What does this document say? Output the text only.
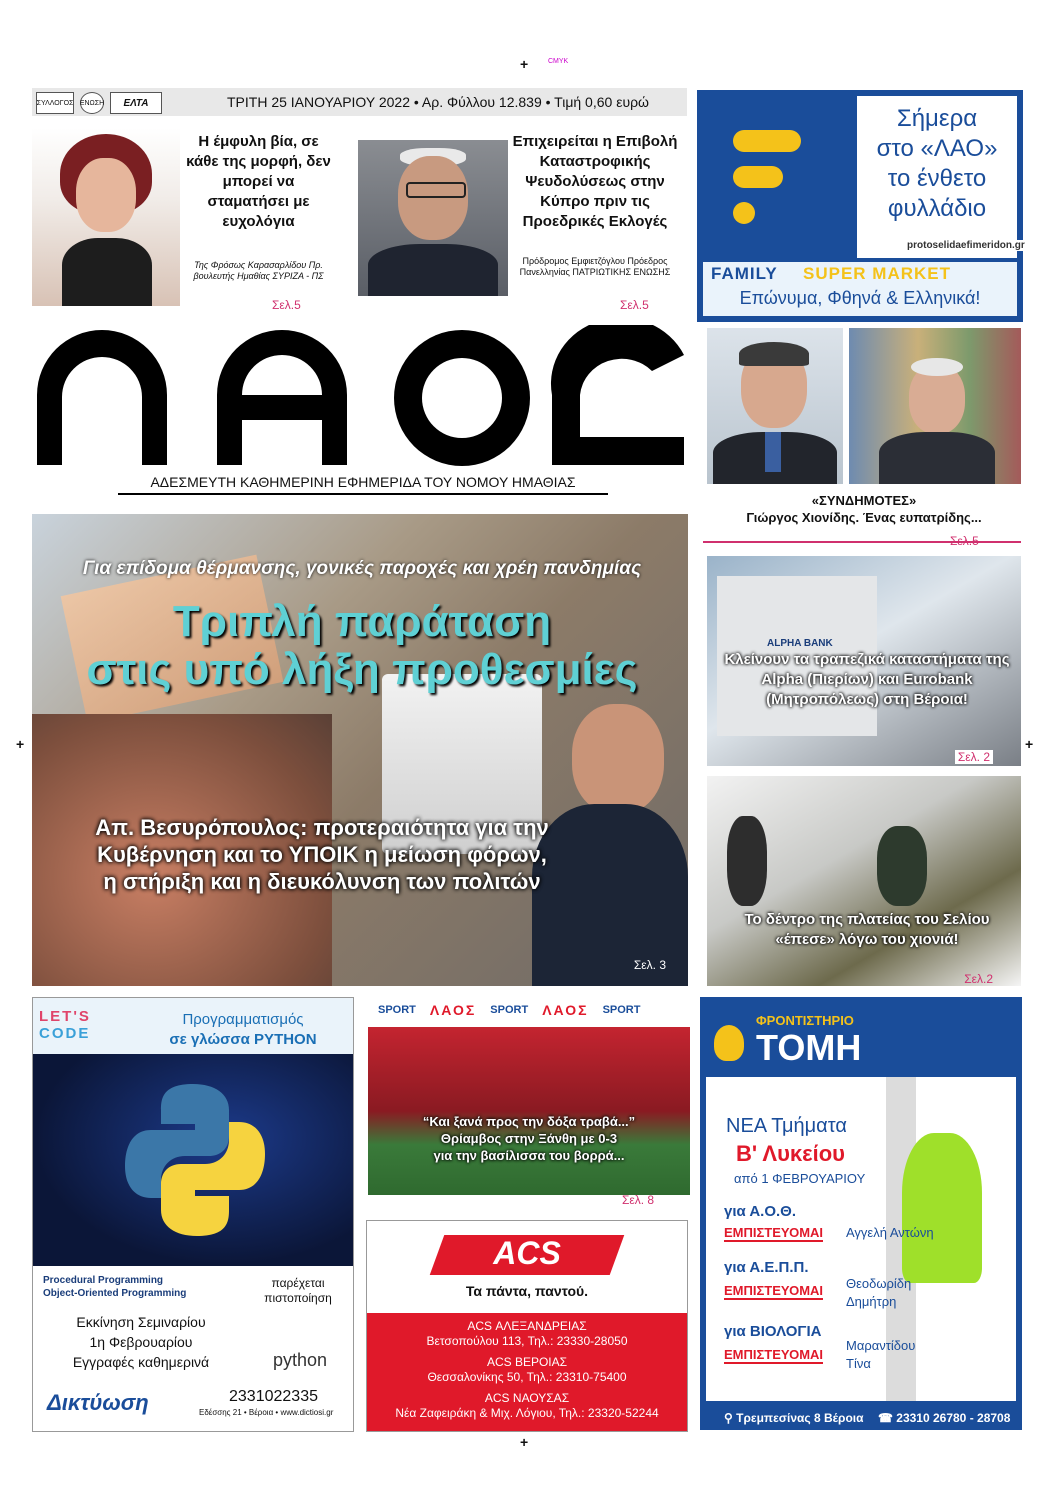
+	CMYK
+	+
+
ΣΥΛΛΟΓΟΣ ΕΝΩΣΗ	ΕΛΤΑ	ΤΡΙΤΗ 25 ΙΑΝΟΥΑΡΙΟΥ 2022 • Αρ. Φύλλου 12.839 • Τιμή 0,60 ευρώ
Η έμφυλη βία, σε κάθε της μορφή, δεν μπορεί να σταματήσει με ευχολόγια
Της Φρόσως Καρασαρλίδου Πρ. βουλευτής Ημαθίας ΣΥΡΙΖΑ - ΠΣ
Σελ.5
Επιχειρείται η Επιβολή Καταστροφικής Ψευδολύσεως στην Κύπρο πριν τις Προεδρικές Εκλογές
Πρόδρομος Εμφιετζόγλου Πρόεδρος Πανελληνίας ΠΑΤΡΙΩΤΙΚΗΣ ΕΝΩΣΗΣ
Σελ.5
ΑΔΕΣΜΕΥΤΗ ΚΑΘΗΜΕΡΙΝΗ ΕΦΗΜΕΡΙΔΑ ΤΟΥ ΝΟΜΟΥ ΗΜΑΘΙΑΣ
Σήμερα
στο «ΛΑΟ»
το ένθετο
φυλλάδιο
protoselidaefimeridon.gr
FAMILY SUPER MARKET
Επώνυμα, Φθηνά & Ελληνικά!
«ΣΥΝΔΗΜΟΤΕΣ»
Γιώργος Χιονίδης. Ένας ευπατρίδης...
Για επίδομα θέρμανσης, γονικές παροχές και χρέη πανδημίας
Τριπλή παράταση
στις υπό λήξη προθεσμίες
Απ. Βεσυρόπουλος: προτεραιότητα για την Κυβέρνηση και το ΥΠΟΙΚ η μείωση φόρων, η στήριξη και η διευκόλυνση των πολιτών
Σελ. 3
ALPHA BANK
Κλείνουν τα τραπεζικά καταστήματα της Alpha (Πιερίων) και Eurobank (Μητροπόλεως) στη Βέροια!
Σελ. 2
Το δέντρο της πλατείας του Σελίου «έπεσε» λόγω του χιονιά!
Σελ.2
LET'S
CODE
Προγραμματισμός
σε γλώσσα PYTHON
Procedural Programming
Object-Oriented Programming
παρέχεται
πιστοποίηση
Εκκίνηση Σεμιναρίου
1η Φεβρουαρίου
Εγγραφές καθημερινά	python
Δικτύωση	2331022335
Εδέσσης 21 • Βέροια • www.dictiosi.gr
SPORT ΛΑΟΣ SPORT ΛΑΟΣ SPORT
“Και ξανά προς την δόξα τραβά...”
Θρίαμβος στην Ξάνθη με 0-3
για την βασίλισσα του βορρά...
Σελ. 8
ACS
Τα πάντα, παντού.
ACS ΑΛΕΞΑΝΔΡΕΙΑΣ
Βετσοπούλου 113, Τηλ.: 23330-28050
ACS ΒΕΡΟΙΑΣ
Θεσσαλονίκης 50, Τηλ.: 23310-75400
ACS ΝΑΟΥΣΑΣ
Νέα Ζαφειράκη & Μιχ. Λόγιου, Τηλ.: 23320-52244
ΦΡΟΝΤΙΣΤΗΡΙΟ
ΤΟΜΗ
ΝΕΑ Τμήματα
Β' Λυκείου
από 1 ΦΕΒΡΟΥΑΡΙΟΥ
για Α.Ο.Θ.
ΕΜΠΙΣΤΕΥΟΜΑΙ Αγγελή Αντώνη
για Α.Ε.Π.Π.
ΕΜΠΙΣΤΕΥΟΜΑΙ Θεοδωρίδη Δημήτρη
για ΒΙΟΛΟΓΙΑ
ΕΜΠΙΣΤΕΥΟΜΑΙ
Μαραντίδου Τίνα
⚲ Τρεμπεσίνας 8 Βέροια ☎ 23310 26780 - 28708
